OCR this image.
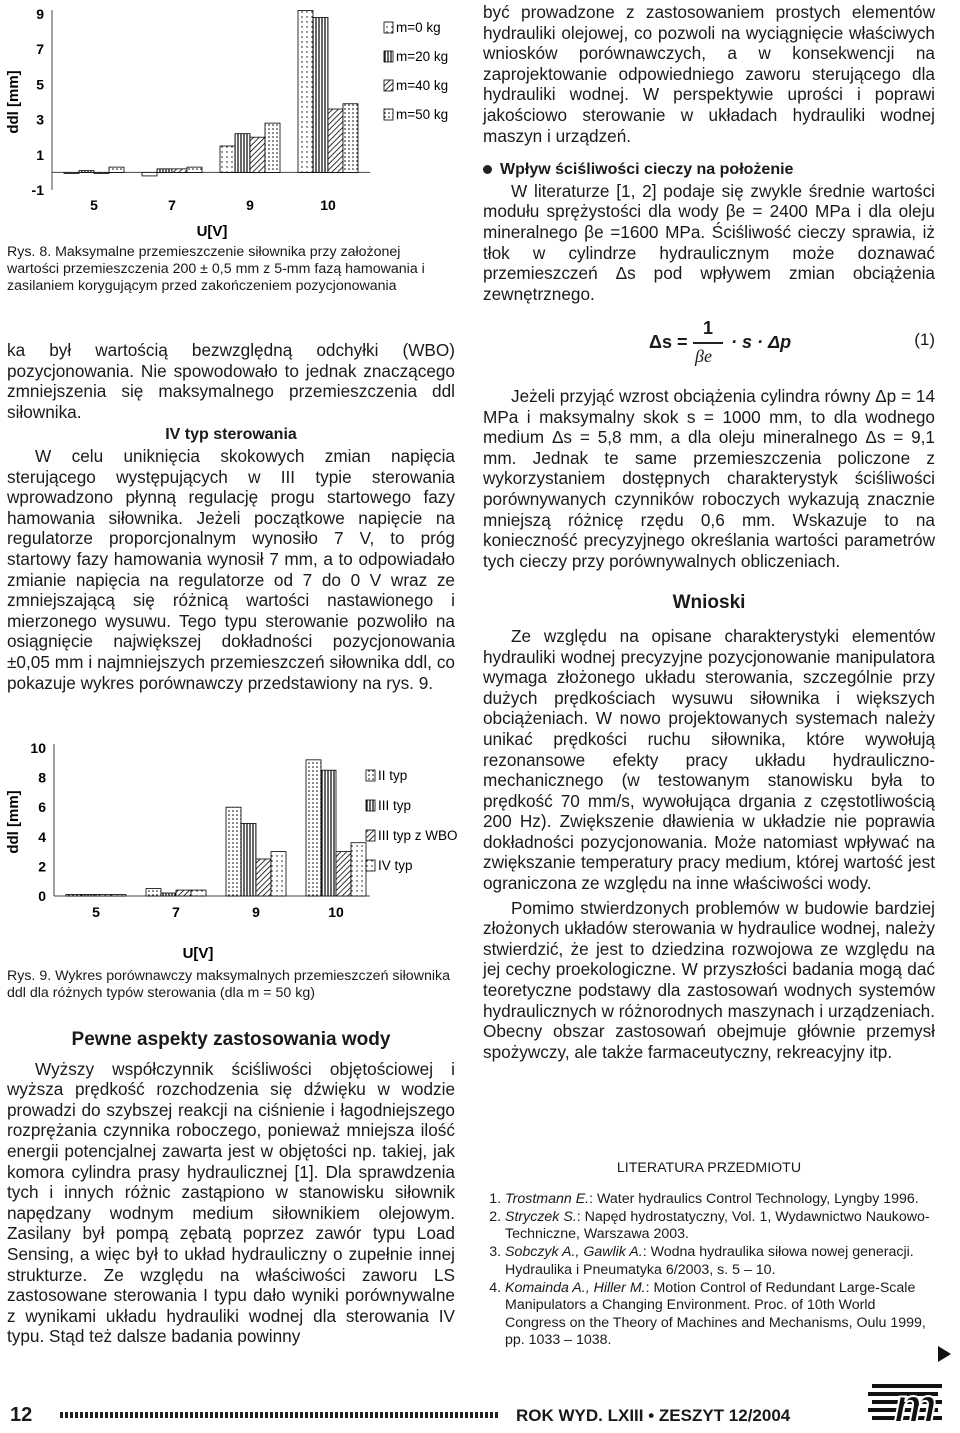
ddl [mm]
9
7
5
3
1
-1
5	7	9	10
U[V]
m=0 kg
m=20 kg
m=40 kg
m=50 kg

Rys. 8. Maksymalne przemieszczenie siłownika przy założonej wartości przemieszczenia 200 ± 0,5 mm z 5-mm fazą hamowania i zasilaniem korygującym przed zakończeniem pozycjonowania

ka był wartością bezwzględną odchyłki (WBO) pozycjonowania. Nie spowodowało to jednak znaczącego zmniejszenia się maksymalnego przemieszczenia ddl siłownika.

IV typ sterowania

W celu uniknięcia skokowych zmian napięcia sterującego występujących w III typie sterowania wprowadzono płynną regulację progu startowego fazy hamowania siłownika. Jeżeli początkowe napięcie na regulatorze proporcjonalnym wynosiło 7 V, to próg startowy fazy hamowania wynosił 7 mm, a to odpowiadało zmianie napięcia na regulatorze od 7 do 0 V wraz ze zmniejszającą się różnicą wartości nastawionego i mierzonego wysuwu. Tego typu sterowanie pozwoliło na osiągnięcie największej dokładności pozycjonowania ±0,05 mm i najmniejszych przemieszczeń siłownika ddl, co pokazuje wykres porównawczy przedstawiony na rys. 9.

ddl [mm]
10
8
6
4
2
0
5	7	9	10
U[V]
II typ
III typ
III typ z WBO
IV typ

Rys. 9. Wykres porównawczy maksymalnych przemieszczeń siłownika ddl dla różnych typów sterowania (dla m = 50 kg)

Pewne aspekty zastosowania wody

Wyższy współczynnik ściśliwości objętościowej i wyższa prędkość rozchodzenia się dźwięku w wodzie prowadzi do szybszej reakcji na ciśnienie i łagodniejszego rozprężania czynnika roboczego, ponieważ mniejsza ilość energii potencjalnej zawarta jest w objętości np. takiej, jak komora cylindra prasy hydraulicznej [1]. Dla sprawdzenia tych i innych różnic zastąpiono w stanowisku siłownik napędzany wodnym medium siłownikiem olejowym. Zasilany był pompą zębatą poprzez zawór typu Load Sensing, a więc był to układ hydrauliczny o zupełnie innej strukturze. Ze względu na właściwości zaworu LS zastosowane sterowania I typu dało wyniki porównywalne z wynikami układu hydrauliki wodnej dla sterowania IV typu. Stąd też dalsze badania powinny

być prowadzone z zastosowaniem prostych elementów hydrauliki olejowej, co pozwoli na wyciągnięcie właściwych wniosków porównawczych, a w konsekwencji na zaprojektowanie odpowiedniego zaworu sterującego dla hydrauliki wodnej. W perspektywie uprości i poprawi jakościowo sterowanie w układach hydrauliki wodnej maszyn i urządzeń.

Wpływ ściśliwości cieczy na położenie

W literaturze [1, 2] podaje się zwykle średnie wartości modułu sprężystości dla wody βe = 2400 MPa i dla oleju mineralnego βe =1600 MPa. Ściśliwość cieczy sprawia, iż tłok w cylindrze hydraulicznym może doznawać przemieszczeń Δs pod wpływem zmian obciążenia zewnętrznego.

Δs =
1
βe
· s · Δp	(1)

Jeżeli przyjąć wzrost obciążenia cylindra równy Δp = 14 MPa i maksymalny skok s = 1000 mm, to dla wodnego medium Δs = 5,8 mm, a dla oleju mineralnego Δs = 9,1 mm. Jednak te same przemieszczenia policzone z wykorzystaniem dostępnych charakterystyk ściśliwości porównywanych czynników roboczych wykazują znacznie mniejszą różnicę rzędu 0,6 mm. Wskazuje to na konieczność precyzyjnego określania wartości parametrów tych cieczy przy porównywalnych obliczeniach.

Wnioski

Ze względu na opisane charakterystyki elementów hydrauliki wodnej precyzyjne pozycjonowanie manipulatora wymaga złożonego układu sterowania, szczególnie przy dużych prędkościach wysuwu siłownika i większych obciążeniach. W nowo projektowanych systemach należy unikać prędkości ruchu siłownika, które wywołują rezonansowe efekty pracy układu hydrauliczno-mechanicznego (w testowanym stanowisku była to prędkość 70 mm/s, wywołująca drgania z częstotliwością 200 Hz). Zwiększenie dławienia w układzie nie poprawia dokładności pozycjonowania. Może natomiast wpływać na zwiększanie temperatury pracy medium, której wartość jest ograniczona ze względu na inne właściwości wody.

Pomimo stwierdzonych problemów w budowie bardziej złożonych układów sterowania w hydraulice wodnej, należy stwierdzić, że jest to dziedzina rozwojowa ze względu na jej cechy proekologiczne. W przyszłości badania mogą dać teoretyczne podstawy dla zastosowań wodnych systemów hydraulicznych w różnorodnych maszynach i urządzeniach. Obecny obszar zastosowań obejmuje głównie przemysł spożywczy, ale także farmaceutyczny, rekreacyjny itp.

LITERATURA PRZEDMIOTU

1. Trostmann E.: Water hydraulics Control Technology, Lyngby 1996.
2. Stryczek S.: Napęd hydrostatyczny, Vol. 1, Wydawnictwo Naukowo-Techniczne, Warszawa 2003.
3. Sobczyk A., Gawlik A.: Wodna hydraulika siłowa nowej generacji. Hydraulika i Pneumatyka 6/2003, s. 5 – 10.
4. Komainda A., Hiller M.: Motion Control of Redundant Large-Scale Manipulators a Changing Environment. Proc. of 10th World Congress on the Theory of Machines and Mechanisms, Oulu 1999, pp. 1033 – 1038.
12	ROK WYD. LXIII • ZESZYT 12/2004 m
